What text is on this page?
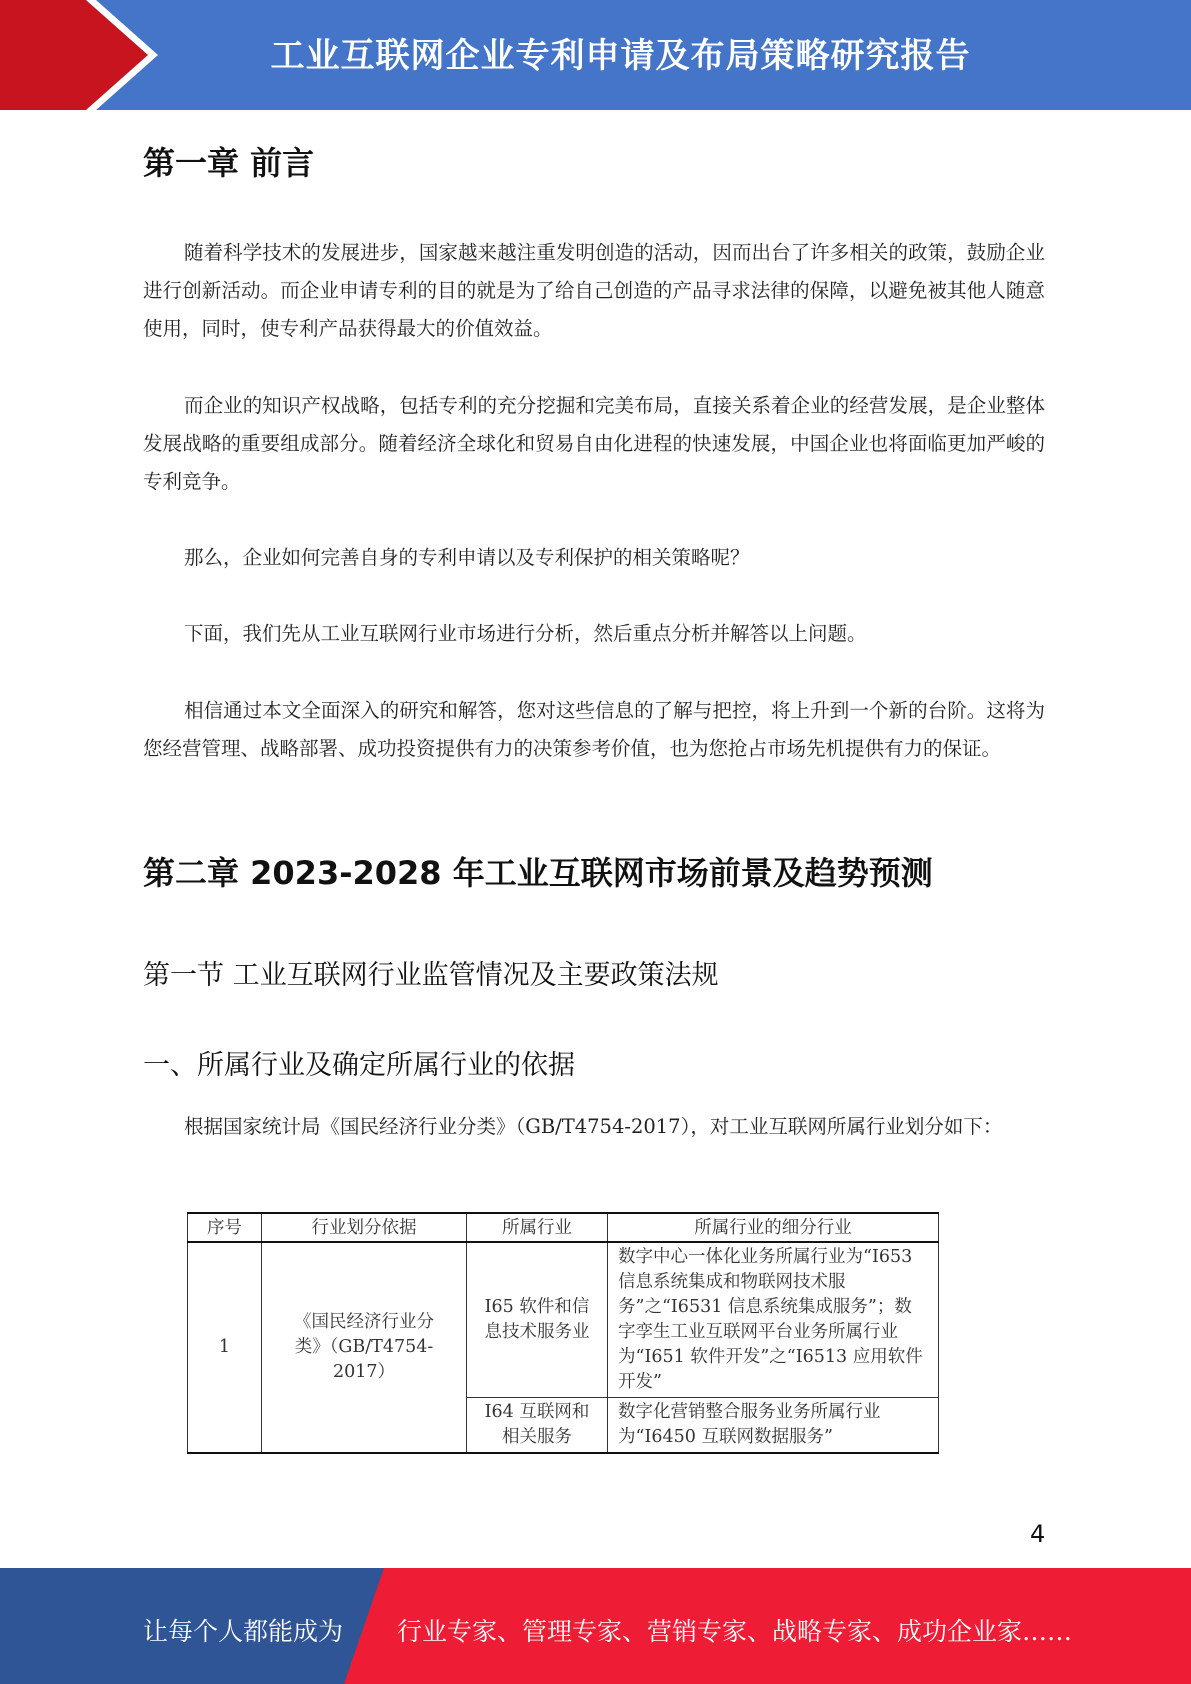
工业互联网企业专利申请及布局策略研究报告
第一章 前言
随着科学技术的发展进步，国家越来越注重发明创造的活动，因而出台了许多相关的政策，鼓励企业进行创新活动。而企业申请专利的目的就是为了给自己创造的产品寻求法律的保障，以避免被其他人随意使用，同时，使专利产品获得最大的价值效益。
而企业的知识产权战略，包括专利的充分挖掘和完美布局，直接关系着企业的经营发展，是企业整体发展战略的重要组成部分。随着经济全球化和贸易自由化进程的快速发展，中国企业也将面临更加严峻的专利竞争。
那么，企业如何完善自身的专利申请以及专利保护的相关策略呢？
下面，我们先从工业互联网行业市场进行分析，然后重点分析并解答以上问题。
相信通过本文全面深入的研究和解答，您对这些信息的了解与把控，将上升到一个新的台阶。这将为您经营管理、战略部署、成功投资提供有力的决策参考价值，也为您抢占市场先机提供有力的保证。
第二章 2023-2028 年工业互联网市场前景及趋势预测
第一节 工业互联网行业监管情况及主要政策法规
一、所属行业及确定所属行业的依据
根据国家统计局《国民经济行业分类》（GB/T4754-2017），对工业互联网所属行业划分如下：
序号	行业划分依据	所属行业	所属行业的细分行业
1	《国民经济行业分类》（GB/T4754-2017）	I65 软件和信息技术服务业	数字中心一体化业务所属行业为“I653 信息系统集成和物联网技术服务”之“I6531 信息系统集成服务”；数字孪生工业互联网平台业务所属行业为“I651 软件开发”之“I6513 应用软件开发”
		I64 互联网和相关服务	数字化营销整合服务业务所属行业为“I6450 互联网数据服务”
4
让每个人都能成为 行业专家、管理专家、营销专家、战略专家、成功企业家……
